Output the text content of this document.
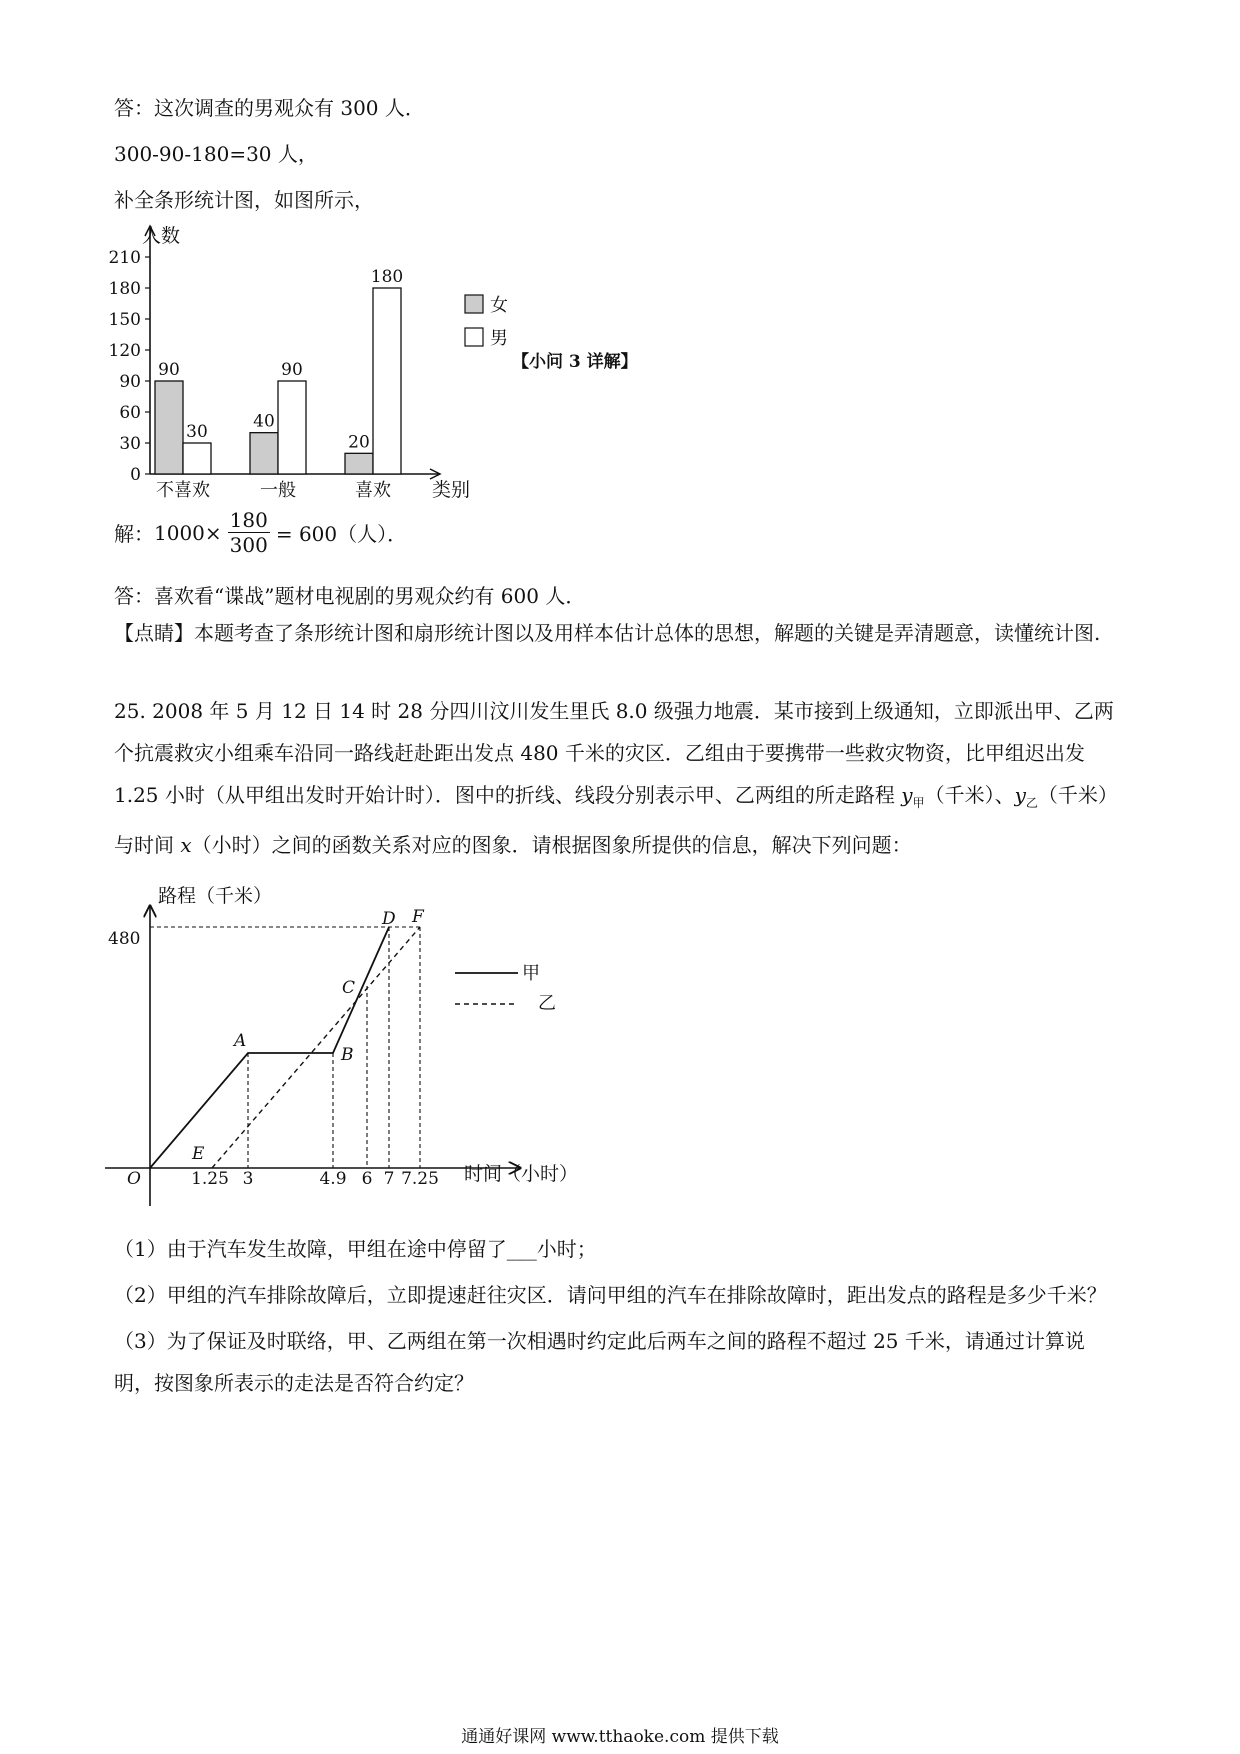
答：这次调查的男观众有 300 人．
300-90-180=30 人，
补全条形统计图，如图所示，
0
30
60
90
120
150
180
210
90
30
40
90
20
180
不喜欢	一般	喜欢
人数
类别
女
男
【小问 3 详解】
解： $1000\times \frac{180}{300} = 600$（人）．
答：喜欢看“谍战”题材电视剧的男观众约有 600 人．

【点睛】本题考查了条形统计图和扇形统计图以及用样本估计总体的思想，解题的关键是弄清题意，读懂统计图.

25. 2008 年 5 月 12 日 14 时 28 分四川汶川发生里氏 8.0 级强力地震．某市接到上级通知，立即派出甲、乙两个抗震救灾小组乘车沿同一路线赶赴距出发点 480 千米的灾区．乙组由于要携带一些救灾物资，比甲组迟出发 1.25 小时（从甲组出发时开始计时）．图中的折线、线段分别表示甲、乙两组的所走路程 $y_甲$（千米）、$y_乙$（千米）与时间 x（小时）之间的函数关系对应的图象．请根据图象所提供的信息，解决下列问题：

路程（千米）
时间（小时）
480
O	1.25 3	4.9 6 7 7.25
A
B
C
D
E
F
甲
乙

（1）由于汽车发生故障，甲组在途中停留了___小时；

（2）甲组的汽车排除故障后，立即提速赶往灾区．请问甲组的汽车在排除故障时，距出发点的路程是多少千米？

（3）为了保证及时联络，甲、乙两组在第一次相遇时约定此后两车之间的路程不超过 25 千米，请通过计算说明，按图象所表示的走法是否符合约定？

通通好课网 www.tthaoke.com 提供下载
